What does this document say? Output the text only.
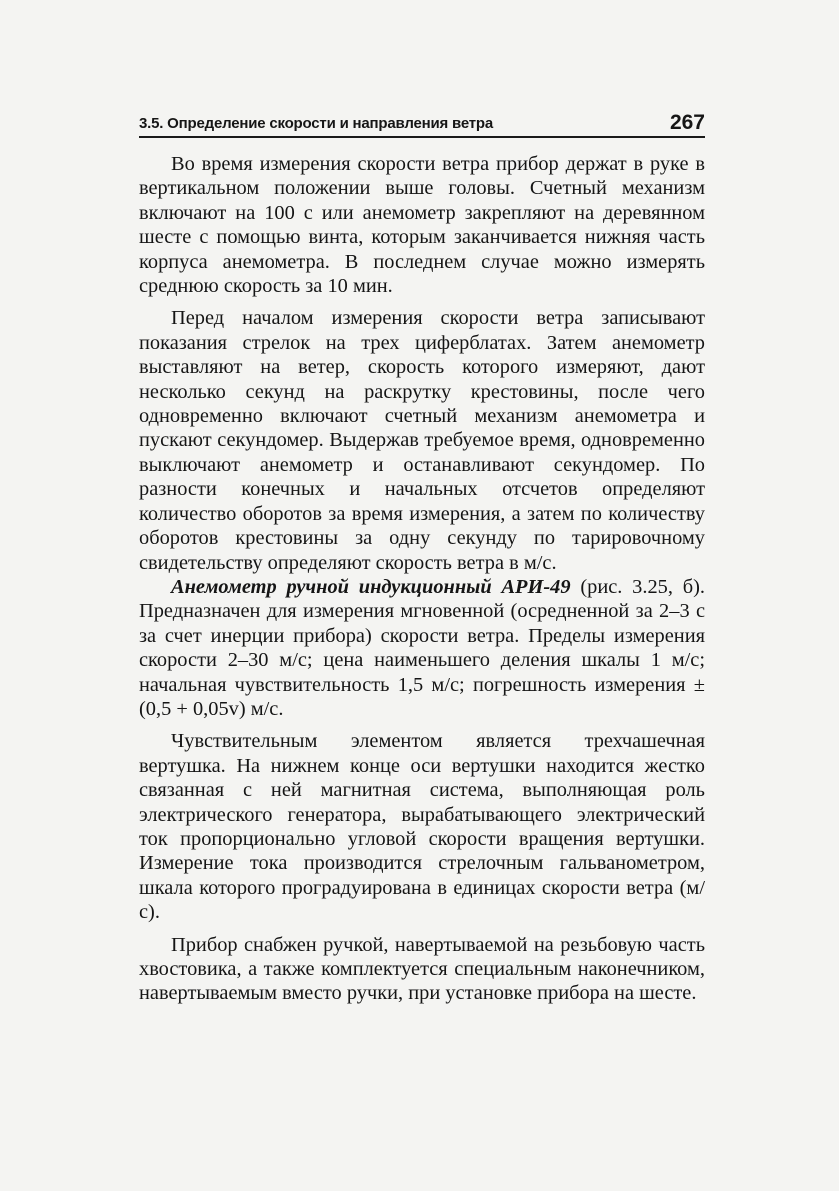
3.5. Определение скорости и направления ветра	267

Во время измерения скорости ветра прибор держат в руке в вертикальном положении выше головы. Счетный механизм включают на 100 с или анемометр закрепляют на деревянном шесте с помощью винта, которым заканчивается нижняя часть корпуса анемометра. В последнем случае можно измерять среднюю скорость за 10 мин.

Перед началом измерения скорости ветра записывают показания стрелок на трех циферблатах. Затем анемометр выставляют на ветер, скорость которого измеряют, дают несколько секунд на раскрутку крестовины, после чего одновременно включают счетный механизм анемометра и пускают секундомер. Выдержав требуемое время, одновременно выключают анемометр и останавливают секундомер. По разности конечных и начальных отсчетов определяют количество оборотов за время измерения, а затем по количеству оборотов крестовины за одну секунду по тарировочному свидетельству определяют скорость ветра в м/с.

Анемометр ручной индукционный АРИ-49 (рис. 3.25, б). Предназначен для измерения мгновенной (осредненной за 2–3 с за счет инерции прибора) скорости ветра. Пределы измерения скорости 2–30 м/с; цена наименьшего деления шкалы 1 м/с; начальная чувствительность 1,5 м/с; погрешность измерения ± (0,5 + 0,05v) м/с.

Чувствительным элементом является трехчашечная вертушка. На нижнем конце оси вертушки находится жестко связанная с ней магнитная система, выполняющая роль электрического генератора, вырабатывающего электрический ток пропорционально угловой скорости вращения вертушки. Измерение тока производится стрелочным гальванометром, шкала которого проградуирована в единицах скорости ветра (м/с).

Прибор снабжен ручкой, навертываемой на резьбовую часть хвостовика, а также комплектуется специальным наконечником, навертываемым вместо ручки, при установке прибора на шесте.
